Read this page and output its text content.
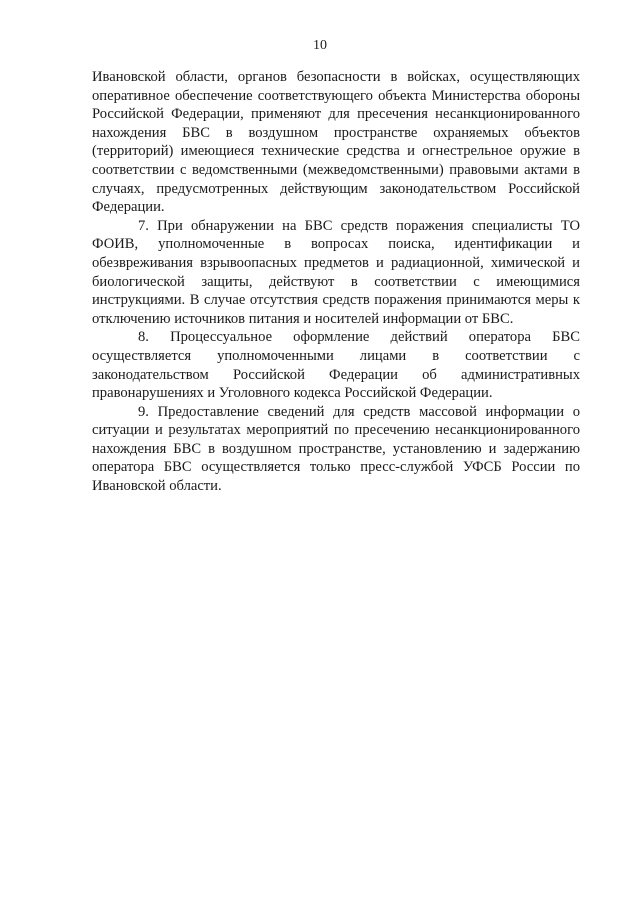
10

Ивановской области, органов безопасности в войсках, осуществляющих оперативное обеспечение соответствующего объекта Министерства обороны Российской Федерации, применяют для пресечения несанкционированного нахождения БВС в воздушном пространстве охраняемых объектов (территорий) имеющиеся технические средства и огнестрельное оружие в соответствии с ведомственными (межведомственными) правовыми актами в случаях, предусмотренных действующим законодательством Российской Федерации.

7. При обнаружении на БВС средств поражения специалисты ТО ФОИВ, уполномоченные в вопросах поиска, идентификации и обезвреживания взрывоопасных предметов и радиационной, химической и биологической защиты, действуют в соответствии с имеющимися инструкциями. В случае отсутствия средств поражения принимаются меры к отключению источников питания и носителей информации от БВС.

8. Процессуальное оформление действий оператора БВС осуществляется уполномоченными лицами в соответствии с законодательством Российской Федерации об административных правонарушениях и Уголовного кодекса Российской Федерации.

9. Предоставление сведений для средств массовой информации о ситуации и результатах мероприятий по пресечению несанкционированного нахождения БВС в воздушном пространстве, установлению и задержанию оператора БВС осуществляется только пресс-службой УФСБ России по Ивановской области.
